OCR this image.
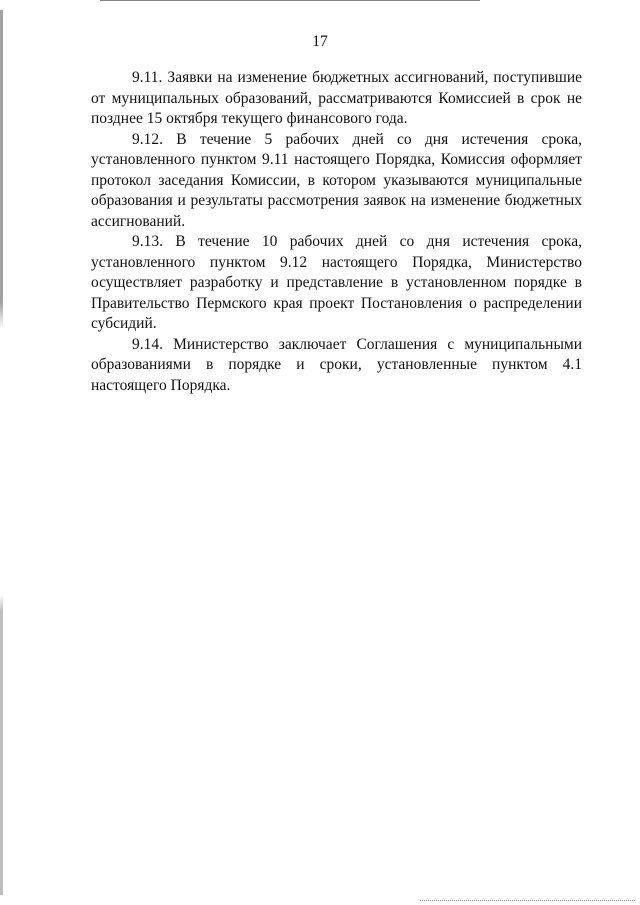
17

9.11. Заявки на изменение бюджетных ассигнований, поступившие от муниципальных образований, рассматриваются Комиссией в срок не позднее 15 октября текущего финансового года.

9.12. В течение 5 рабочих дней со дня истечения срока, установленного пунктом 9.11 настоящего Порядка, Комиссия оформляет протокол заседания Комиссии, в котором указываются муниципальные образования и результаты рассмотрения заявок на изменение бюджетных ассигнований.

9.13. В течение 10 рабочих дней со дня истечения срока, установленного пунктом 9.12 настоящего Порядка, Министерство осуществляет разработку и представление в установленном порядке в Правительство Пермского края проект Постановления о распределении субсидий.

9.14. Министерство заключает Соглашения с муниципальными образованиями в порядке и сроки, установленные пунктом 4.1 настоящего Порядка.
